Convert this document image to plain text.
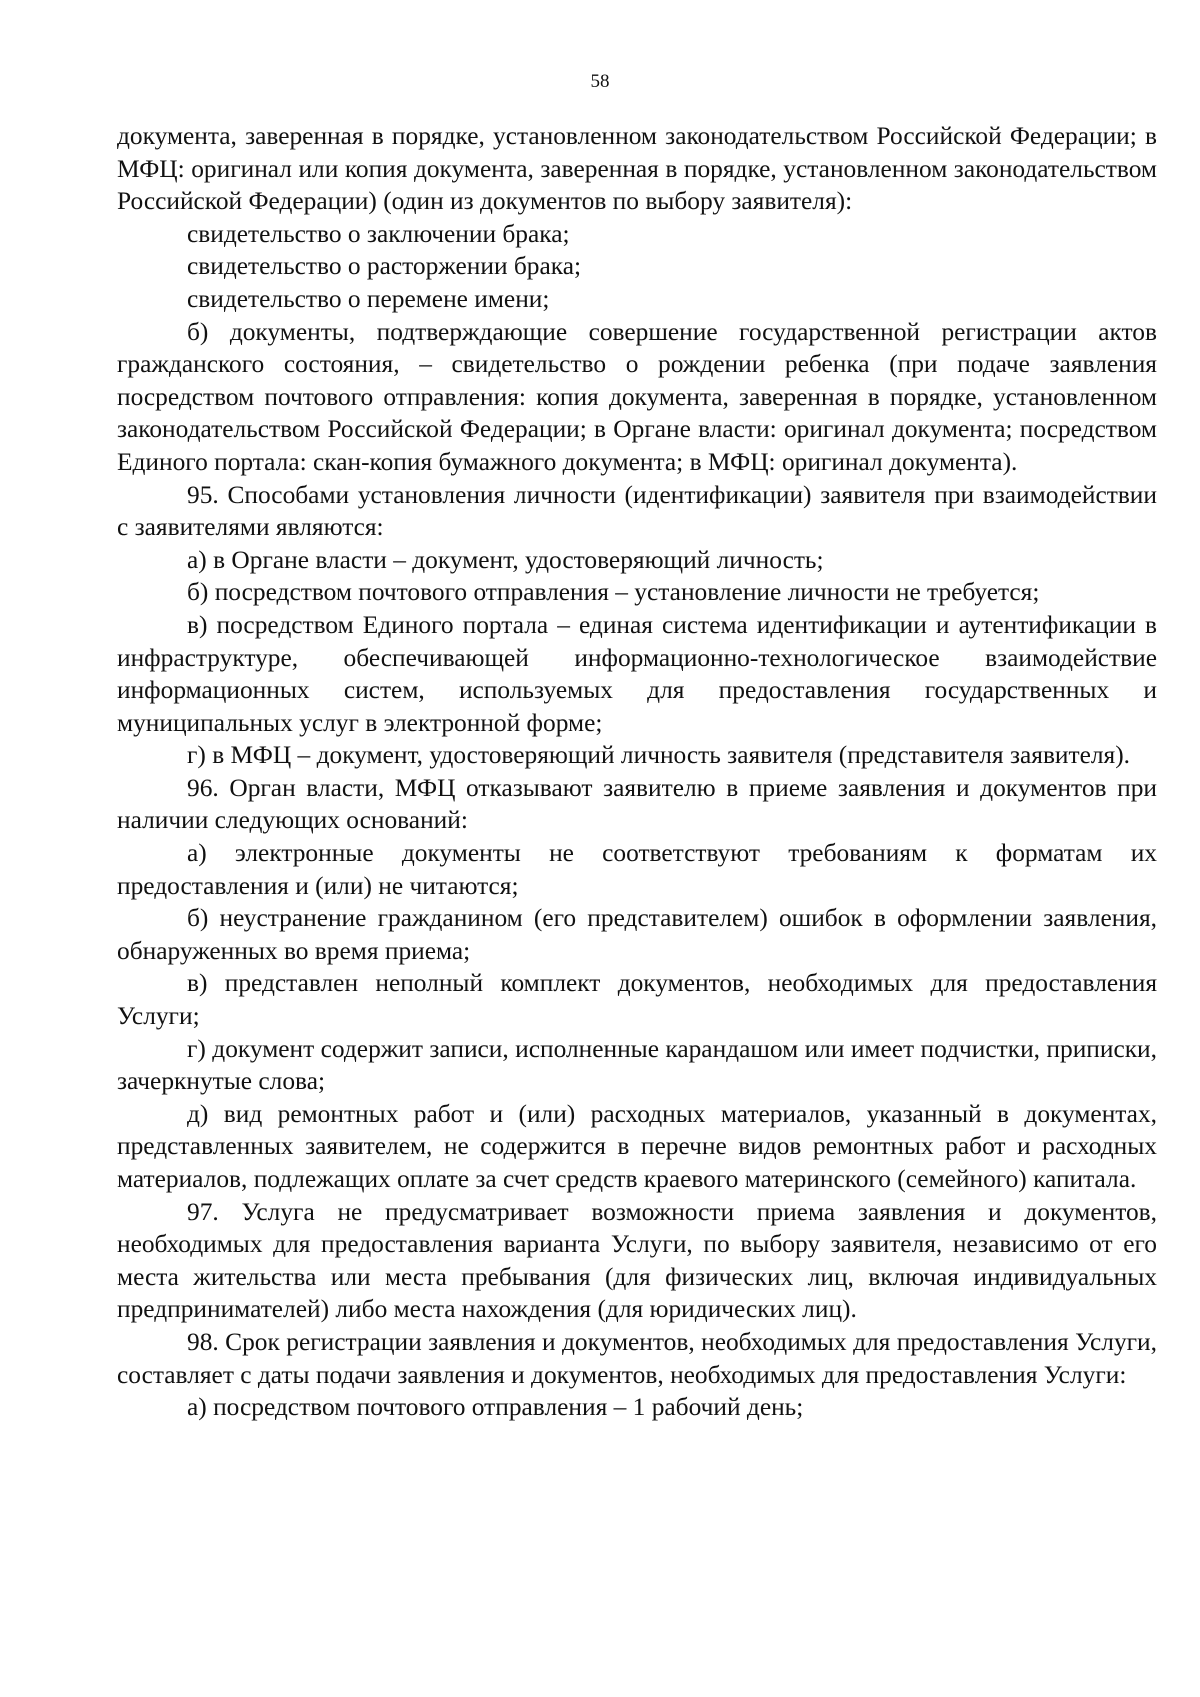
58

документа, заверенная в порядке, установленном законодательством Российской Федерации; в МФЦ: оригинал или копия документа, заверенная в порядке, установленном законодательством Российской Федерации) (один из документов по выбору заявителя):

свидетельство о заключении брака;

свидетельство о расторжении брака;

свидетельство о перемене имени;

б) документы, подтверждающие совершение государственной регистрации актов гражданского состояния, – свидетельство о рождении ребенка (при подаче заявления посредством почтового отправления: копия документа, заверенная в порядке, установленном законодательством Российской Федерации; в Органе власти: оригинал документа; посредством Единого портала: скан-копия бумажного документа; в МФЦ: оригинал документа).

95. Способами установления личности (идентификации) заявителя при взаимодействии с заявителями являются:

а) в Органе власти – документ, удостоверяющий личность;

б) посредством почтового отправления – установление личности не требуется;

в) посредством Единого портала – единая система идентификации и аутентификации в инфраструктуре, обеспечивающей информационно-технологическое взаимодействие информационных систем, используемых для предоставления государственных и муниципальных услуг в электронной форме;

г) в МФЦ – документ, удостоверяющий личность заявителя (представителя заявителя).

96. Орган власти, МФЦ отказывают заявителю в приеме заявления и документов при наличии следующих оснований:

а) электронные документы не соответствуют требованиям к форматам их предоставления и (или) не читаются;

б) неустранение гражданином (его представителем) ошибок в оформлении заявления, обнаруженных во время приема;

в) представлен неполный комплект документов, необходимых для предоставления Услуги;

г) документ содержит записи, исполненные карандашом или имеет подчистки, приписки, зачеркнутые слова;

д) вид ремонтных работ и (или) расходных материалов, указанный в документах, представленных заявителем, не содержится в перечне видов ремонтных работ и расходных материалов, подлежащих оплате за счет средств краевого материнского (семейного) капитала.

97. Услуга не предусматривает возможности приема заявления и документов, необходимых для предоставления варианта Услуги, по выбору заявителя, независимо от его места жительства или места пребывания (для физических лиц, включая индивидуальных предпринимателей) либо места нахождения (для юридических лиц).

98. Срок регистрации заявления и документов, необходимых для предоставления Услуги, составляет с даты подачи заявления и документов, необходимых для предоставления Услуги:

а) посредством почтового отправления – 1 рабочий день;
